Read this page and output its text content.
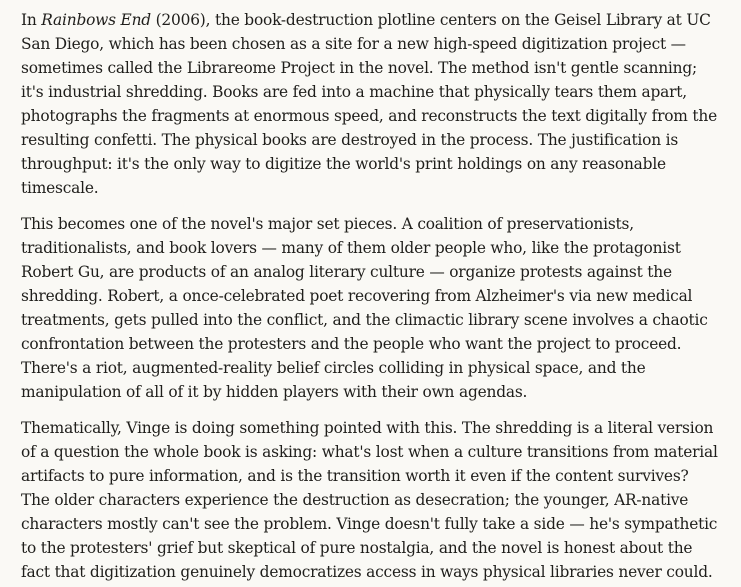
In Rainbows End (2006), the book-destruction plotline centers on the Geisel Library at UC San Diego, which has been chosen as a site for a new high-speed digitization project — sometimes called the Librareome Project in the novel. The method isn't gentle scanning; it's industrial shredding. Books are fed into a machine that physically tears them apart, photographs the fragments at enormous speed, and reconstructs the text digitally from the resulting confetti. The physical books are destroyed in the process. The justification is throughput: it's the only way to digitize the world's print holdings on any reasonable timescale.

This becomes one of the novel's major set pieces. A coalition of preservationists, traditionalists, and book lovers — many of them older people who, like the protagonist Robert Gu, are products of an analog literary culture — organize protests against the shredding. Robert, a once-celebrated poet recovering from Alzheimer's via new medical treatments, gets pulled into the conflict, and the climactic library scene involves a chaotic confrontation between the protesters and the people who want the project to proceed. There's a riot, augmented-reality belief circles colliding in physical space, and the manipulation of all of it by hidden players with their own agendas.

Thematically, Vinge is doing something pointed with this. The shredding is a literal version of a question the whole book is asking: what's lost when a culture transitions from material artifacts to pure information, and is the transition worth it even if the content survives? The older characters experience the destruction as desecration; the younger, AR-native characters mostly can't see the problem. Vinge doesn't fully take a side — he's sympathetic to the protesters' grief but skeptical of pure nostalgia, and the novel is honest about the fact that digitization genuinely democratizes access in ways physical libraries never could.
